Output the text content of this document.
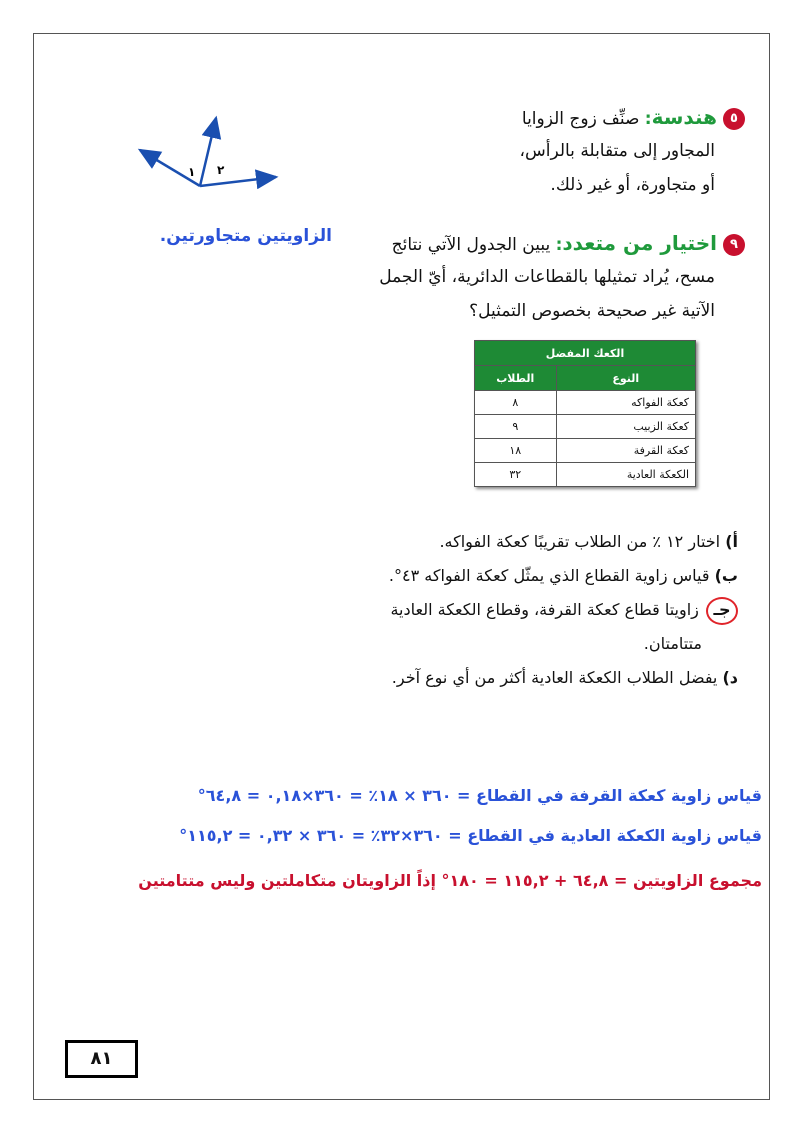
١ ٢
٥هندسة: صنِّف زوج الزوايا
المجاور إلى متقابلة بالرأس،
أو متجاورة، أو غير ذلك.
الزاويتين متجاورتين.	٩اختيار من متعدد: يبين الجدول الآتي نتائج
مسح، يُراد تمثيلها بالقطاعات الدائرية، أيّ الجمل
الآتية غير صحيحة بخصوص التمثيل؟
الكعك المفضل	
النوع	الطلاب
كعكة الفواكه	٨
كعكة الزبيب	٩
كعكة القرفة	١٨
الكعكة العادية	٣٢
أ) اختار ١٢ ٪ من الطلاب تقريبًا كعكة الفواكه.
ب) قياس زاوية القطاع الذي يمثّل كعكة الفواكه ٤٣°.
جـ زاويتا قطاع كعكة القرفة، وقطاع الكعكة العادية
متتامتان.
د) يفضل الطلاب الكعكة العادية أكثر من أي نوع آخر.
قياس زاوية كعكة القرفة في القطاع = ٣٦٠ × ١٨٪ = ٣٦٠×٠,١٨ = ٦٤,٨°
قياس زاوية الكعكة العادية في القطاع = ٣٦٠×٣٢٪ = ٣٦٠ × ٠,٣٢ = ١١٥,٢°
مجموع الزاويتين = ٦٤,٨ + ١١٥,٢ = ١٨٠° إذاً الزاويتان متكاملتين وليس متتامتين
٨١
